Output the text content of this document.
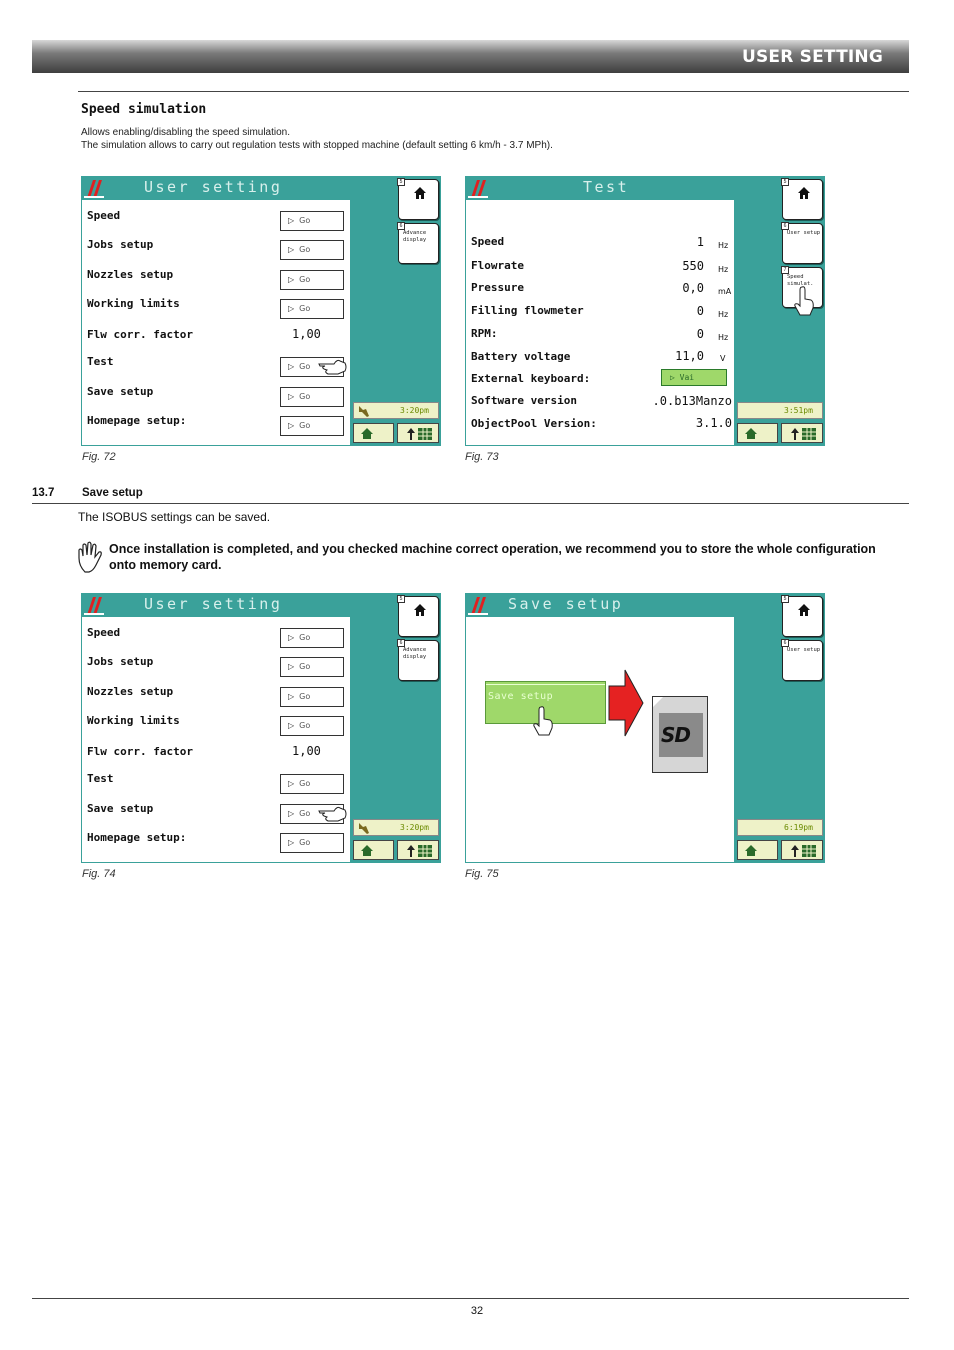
USER SETTING
Speed simulation
Allows enabling/disabling the speed simulation.
The simulation allows to carry out regulation tests with stopped machine (default setting 6 km/h - 3.7 MPh).
User setting
Speed	▷ Go
Jobs setup	▷ Go
Nozzles setup	▷ Go
Working limits	▷ Go
Flw corr. factor	1,00
Test	▷ Go
Save setup	▷ Go
Homepage setup:	▷ Go
5
6
Advance display
3:20pm
Fig. 72
Test
Speed	1 Hz
Flowrate	550 Hz
Pressure	0,0 mA
Filling flowmeter	0 Hz
RPM:	0 Hz
Battery voltage	11,0 V
External keyboard:	▷ Vai
Software version	.0.b13Manzo
ObjectPool Version:	3.1.0
5
6
User setup
7
Speed simulat.
3:51pm
Fig. 73
13.7 Save setup
The ISOBUS settings can be saved.
Once installation is completed, and you checked machine correct operation, we recommend you to store the whole configuration onto memory card.
User setting
Speed	▷ Go
Jobs setup	▷ Go
Nozzles setup	▷ Go
Working limits	▷ Go
Flw corr. factor	1,00
Test	▷ Go
Save setup	▷ Go
Homepage setup:	▷ Go
5
6
Advance display
3:20pm
Fig. 74
Save setup
Save setup
SD
5
6
User setup
6:19pm
Fig. 75
32
